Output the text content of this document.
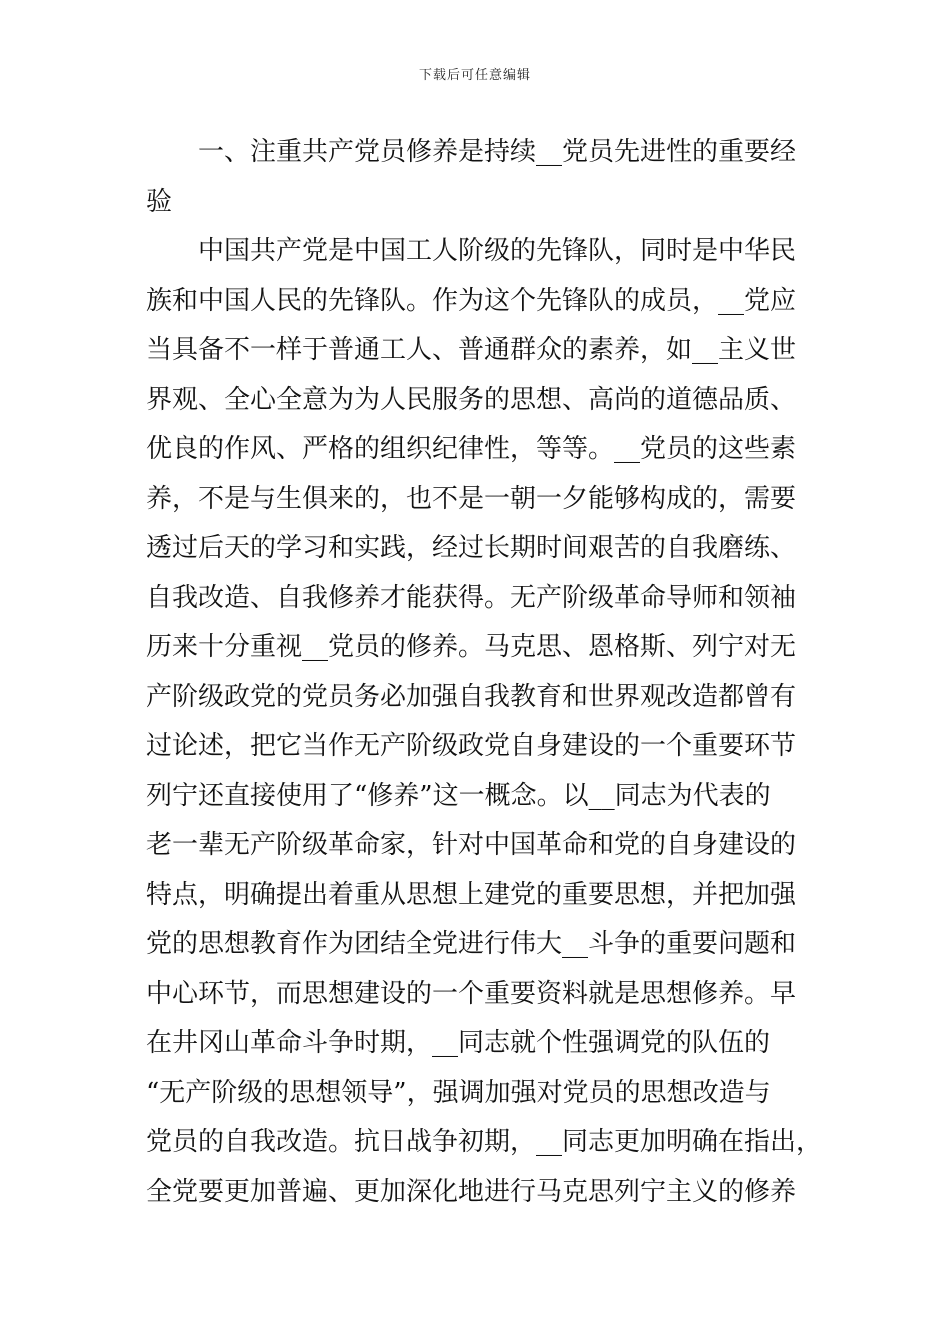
下载后可任意编辑
一、注重共产党员修养是持续__党员先进性的重要经
验
中国共产党是中国工人阶级的先锋队，同时是中华民
族和中国人民的先锋队。作为这个先锋队的成员，__党应
当具备不一样于普通工人、普通群众的素养，如__主义世
界观、全心全意为为人民服务的思想、高尚的道德品质、
优良的作风、严格的组织纪律性，等等。__党员的这些素
养，不是与生俱来的，也不是一朝一夕能够构成的，需要
透过后天的学习和实践，经过长期时间艰苦的自我磨练、
自我改造、自我修养才能获得。无产阶级革命导师和领袖
历来十分重视__党员的修养。马克思、恩格斯、列宁对无
产阶级政党的党员务必加强自我教育和世界观改造都曾有
过论述，把它当作无产阶级政党自身建设的一个重要环节
列宁还直接使用了“修养”这一概念。以__同志为代表的
老一辈无产阶级革命家，针对中国革命和党的自身建设的
特点，明确提出着重从思想上建党的重要思想，并把加强
党的思想教育作为团结全党进行伟大__斗争的重要问题和
中心环节，而思想建设的一个重要资料就是思想修养。早
在井冈山革命斗争时期，__同志就个性强调党的队伍的
“无产阶级的思想领导”，强调加强对党员的思想改造与
党员的自我改造。抗日战争初期，__同志更加明确在指出，
全党要更加普遍、更加深化地进行马克思列宁主义的修养
